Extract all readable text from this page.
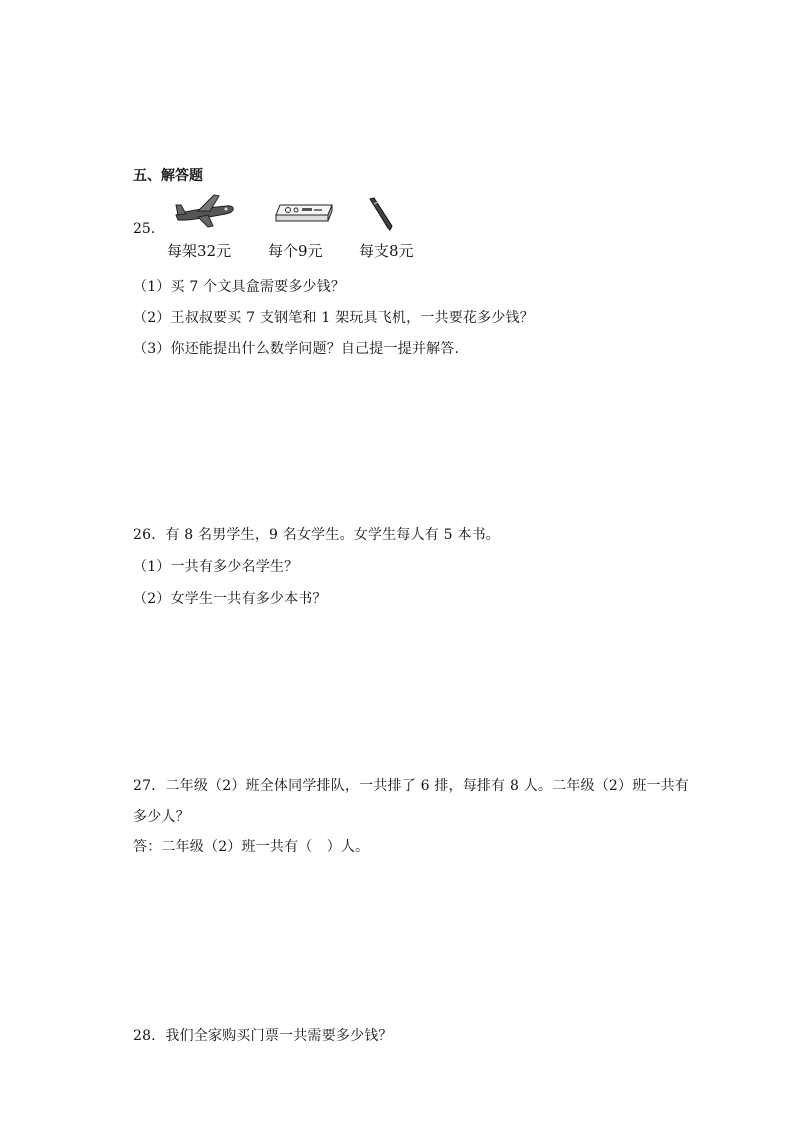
五、解答题
25．
每架32元 每个9元 每支8元
（1）买 7 个文具盒需要多少钱？
（2）王叔叔要买 7 支钢笔和 1 架玩具飞机，一共要花多少钱？
（3）你还能提出什么数学问题？自己提一提并解答.
26．有 8 名男学生，9 名女学生。女学生每人有 5 本书。
（1）一共有多少名学生？
（2）女学生一共有多少本书？
27．二年级（2）班全体同学排队，一共排了 6 排，每排有 8 人。二年级（2）班一共有
多少人？
答：二年级（2）班一共有（　）人。
28．我们全家购买门票一共需要多少钱？
